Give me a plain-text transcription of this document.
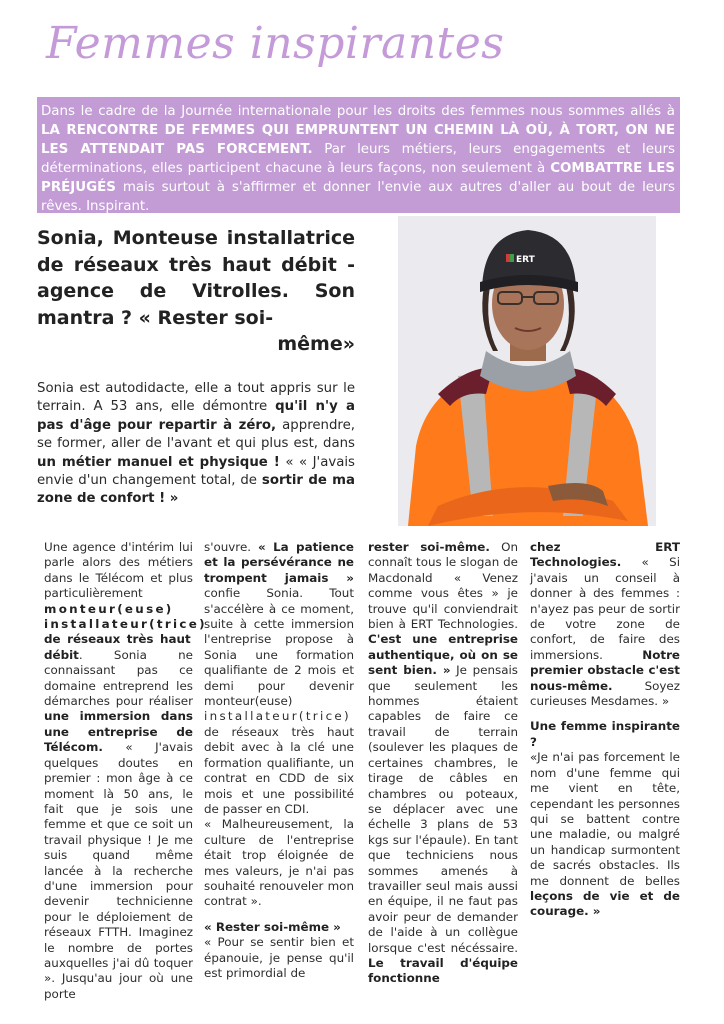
Femmes inspirantes
Dans le cadre de la Journée internationale pour les droits des femmes nous sommes allés à LA RENCONTRE DE FEMMES QUI EMPRUNTENT UN CHEMIN LÀ OÙ, À TORT, ON NE LES ATTENDAIT PAS FORCEMENT. Par leurs métiers, leurs engagements et leurs déterminations, elles participent chacune à leurs façons, non seulement à COMBATTRE LES PRÉJUGÉS mais surtout à s'affirmer et donner l'envie aux autres d'aller au bout de leurs rêves. Inspirant.
Sonia, Monteuse installatrice de réseaux très haut débit - agence de Vitrolles. Son mantra ? « Rester soi-
même»
Sonia est autodidacte, elle a tout appris sur le terrain. A 53 ans, elle démontre qu'il n'y a pas d'âge pour repartir à zéro, apprendre, se former, aller de l'avant et qui plus est, dans un métier manuel et physique ! « « J'avais envie d'un changement total, de sortir de ma zone de confort ! »
ERT

Une agence d'intérim lui parle alors des métiers dans le Télécom et plus particulièrement monteur(euse) installateur(trice) de réseaux très haut débit. Sonia ne connaissant pas ce domaine entreprend les démarches pour réaliser une immersion dans une entreprise de Télécom. « J'avais quelques doutes en premier : mon âge à ce moment là 50 ans, le fait que je sois une femme et que ce soit un travail physique ! Je me suis quand même lancée à la recherche d'une immersion pour devenir technicienne pour le déploiement de réseaux FTTH. Imaginez le nombre de portes auxquelles j'ai dû toquer ». Jusqu'au jour où une porte

s'ouvre. « La patience et la persévérance ne trompent jamais » confie Sonia. Tout s'accélère à ce moment, suite à cette immersion l'entreprise propose à Sonia une formation qualifiante de 2 mois et demi pour devenir monteur(euse) installateur(trice) de réseaux très haut debit avec à la clé une formation qualifiante, un contrat en CDD de six mois et une possibilité de passer en CDI.

« Malheureusement, la culture de l'entreprise était trop éloignée de mes valeurs, je n'ai pas souhaité renouveler mon contrat ».

« Rester soi-même »

« Pour se sentir bien et épanouie, je pense qu'il est primordial de

rester soi-même. On connaît tous le slogan de Macdonald « Venez comme vous êtes » je trouve qu'il conviendrait bien à ERT Technologies. C'est une entreprise authentique, où on se sent bien. » Je pensais que seulement les hommes étaient capables de faire ce travail de terrain (soulever les plaques de certaines chambres, le tirage de câbles en chambres ou poteaux, se déplacer avec une échelle 3 plans de 53 kgs sur l'épaule). En tant que techniciens nous sommes amenés à travailler seul mais aussi en équipe, il ne faut pas avoir peur de demander de l'aide à un collègue lorsque c'est nécéssaire. Le travail d'équipe fonctionne

chez ERT Technologies. « Si j'avais un conseil à donner à des femmes : n'ayez pas peur de sortir de votre zone de confort, de faire des immersions. Notre premier obstacle c'est nous-même. Soyez curieuses Mesdames. »

Une femme inspirante ?

«Je n'ai pas forcement le nom d'une femme qui me vient en tête, cependant les personnes qui se battent contre une maladie, ou malgré un handicap surmontent de sacrés obstacles. Ils me donnent de belles leçons de vie et de courage. »
